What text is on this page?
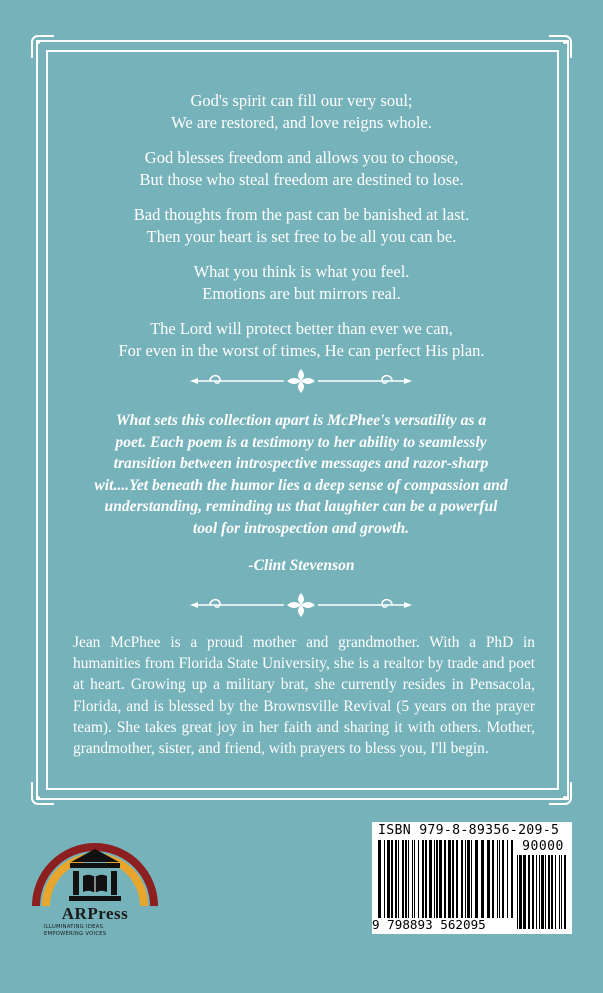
God's spirit can fill our very soul;
We are restored, and love reigns whole.
God blesses freedom and allows you to choose,
But those who steal freedom are destined to lose.
Bad thoughts from the past can be banished at last.
Then your heart is set free to be all you can be.
What you think is what you feel.
Emotions are but mirrors real.
The Lord will protect better than ever we can,
For even in the worst of times, He can perfect His plan.
What sets this collection apart is McPhee's versatility as a
poet. Each poem is a testimony to her ability to seamlessly
transition between introspective messages and razor-sharp
wit....Yet beneath the humor lies a deep sense of compassion and
understanding, reminding us that laughter can be a powerful
tool for introspection and growth.
-Clint Stevenson
Jean McPhee is a proud mother and grandmother. With a PhD in humanities from Florida State University, she is a realtor by trade and poet at heart. Growing up a military brat, she currently resides in Pensacola, Florida, and is blessed by the Brownsville Revival (5 years on the prayer team). She takes great joy in her faith and sharing it with others. Mother, grandmother, sister, and friend, with prayers to bless you, I'll begin.
ARPress
ILLUMINATING IDEAS.
EMPOWERING VOICES
ISBN 979-8-89356-209-5
90000
9 798893 562095
